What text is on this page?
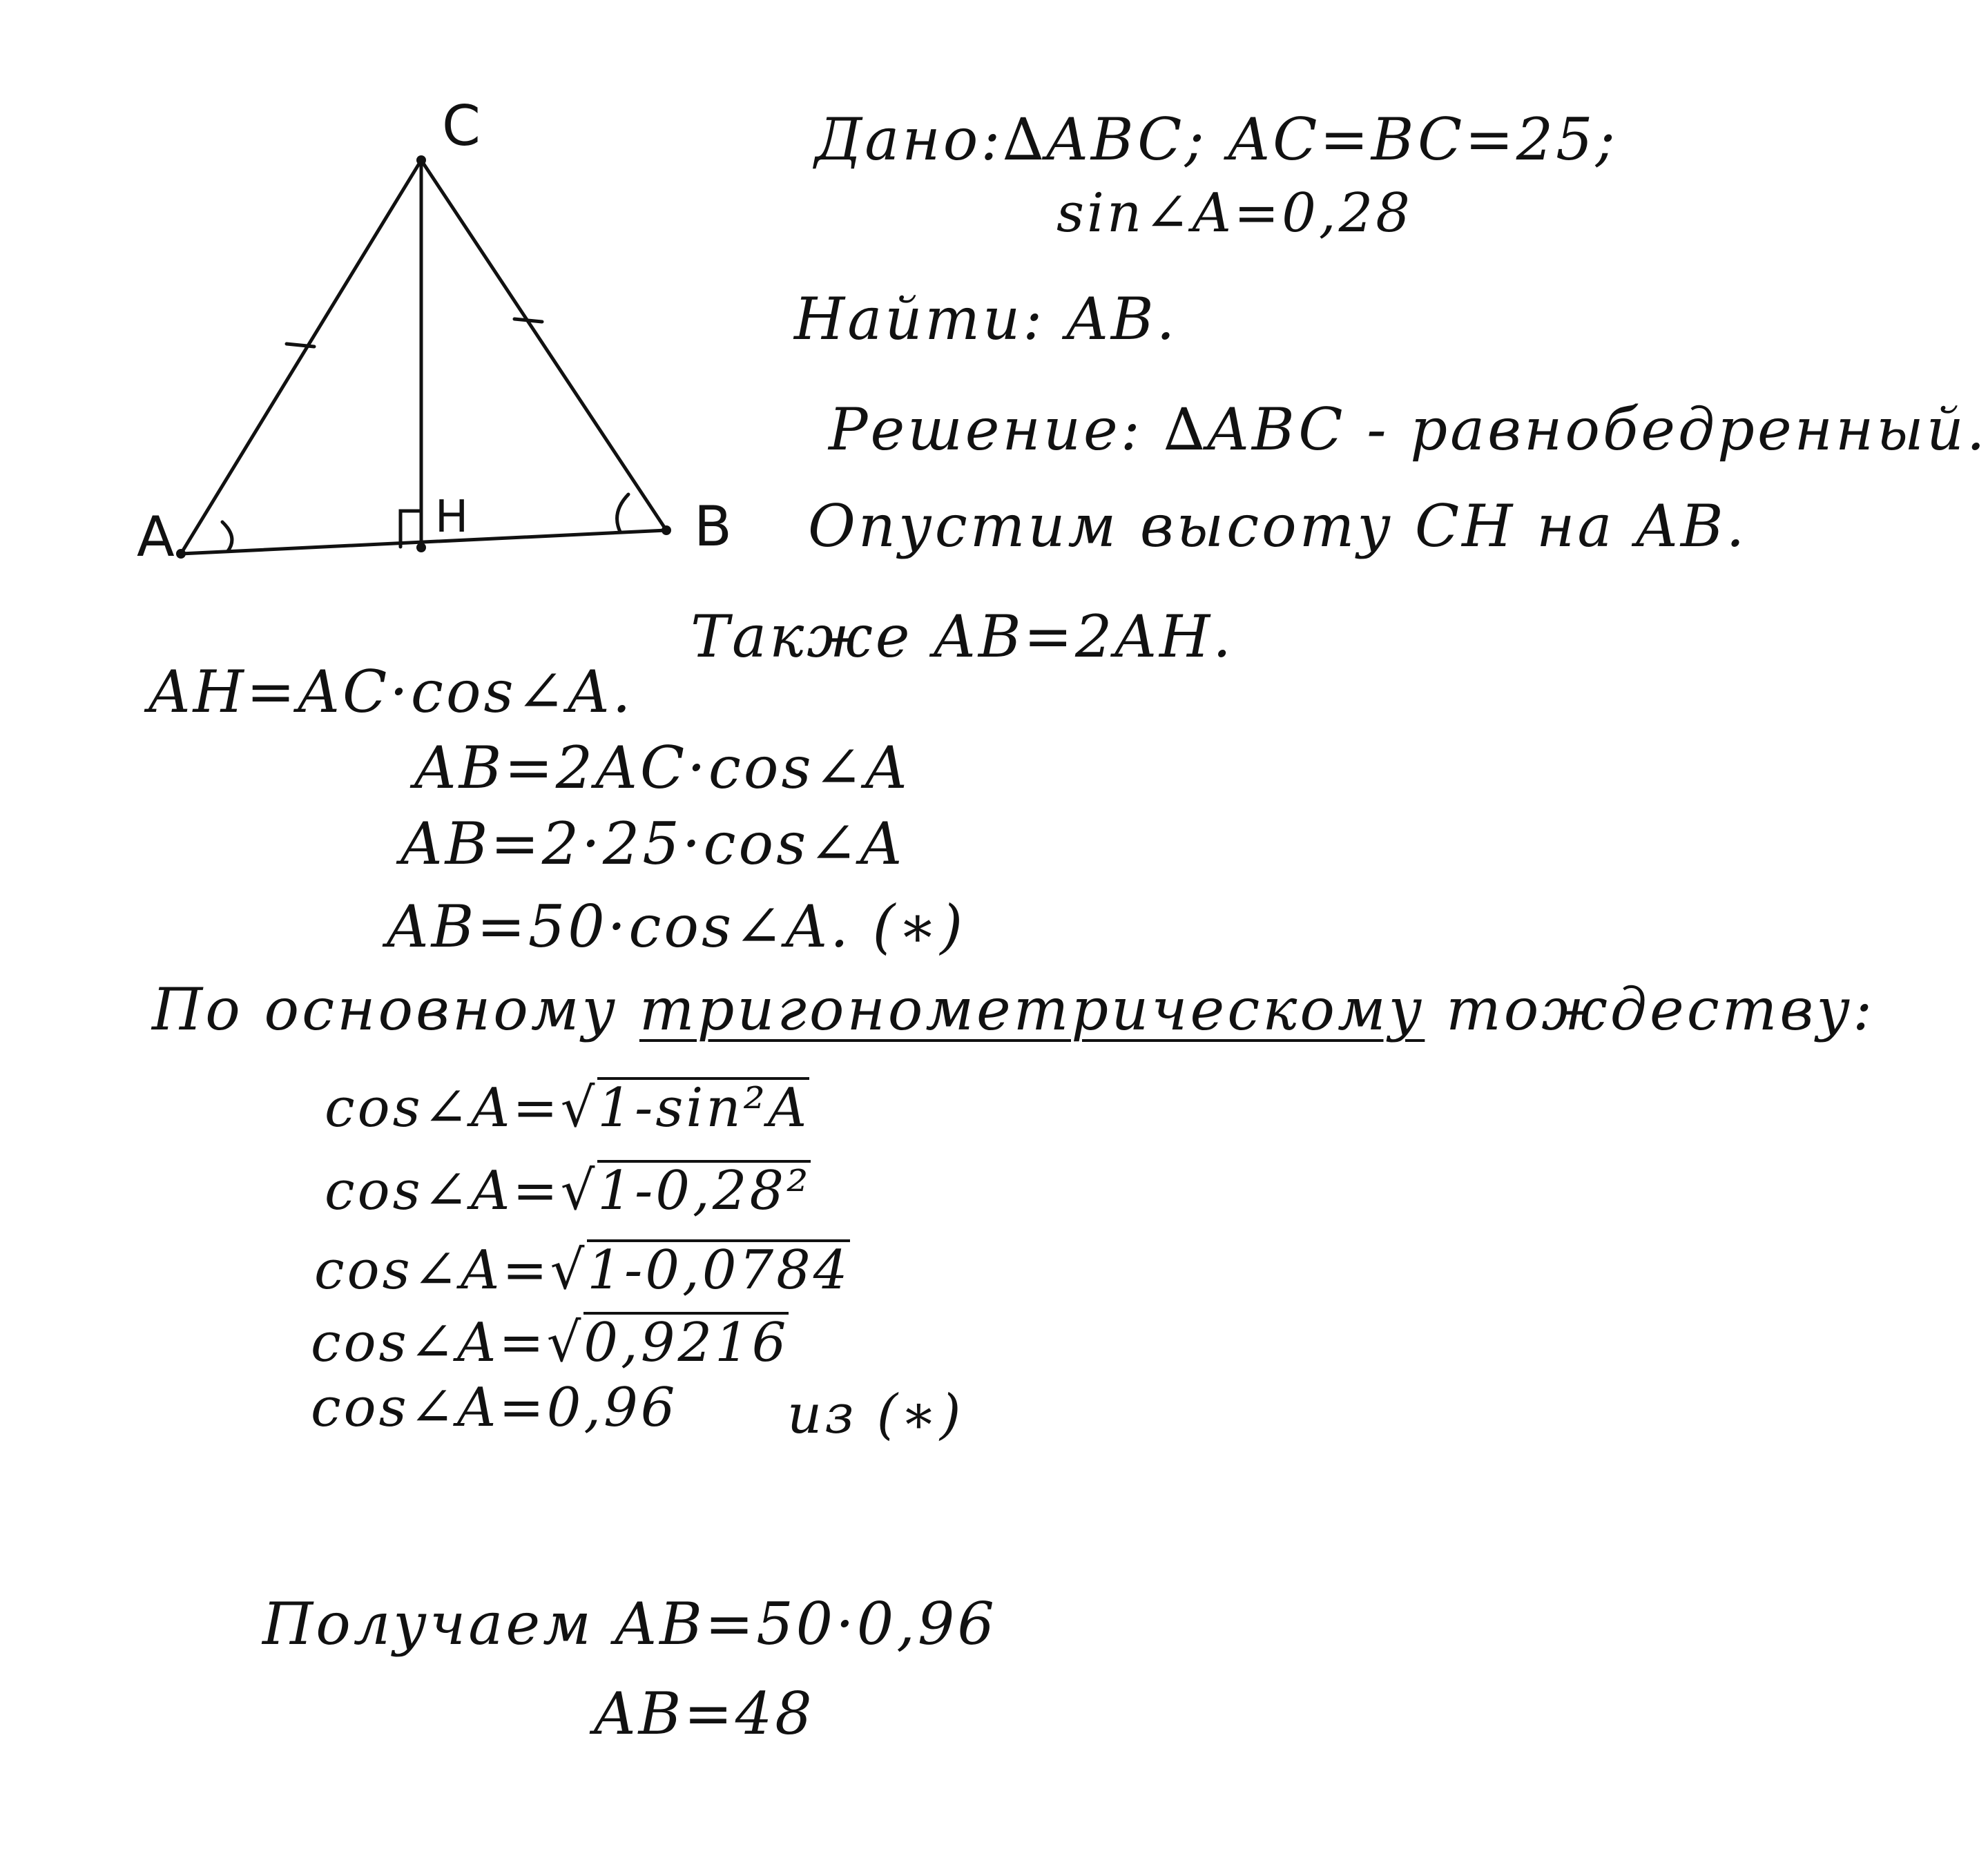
C
A	B
H
Дано:∆ABC; AC=BC=25;
sin∠A=0,28
Найти: AB.
Решение: ∆ABC - равнобедренный.
Опустим высоту CH на AB.
Также AB=2AH.
AH=AC·cos∠A.
AB=2AC·cos∠A
AB=2·25·cos∠A
AB=50·cos∠A. (∗)
По основному тригонометрическому тождеству:
cos∠A=√1-sin²A
cos∠A=√1-0,28²
cos∠A=√1-0,0784
cos∠A=√0,9216
cos∠A=0,96 из (∗)
Получаем AB=50·0,96
AB=48
